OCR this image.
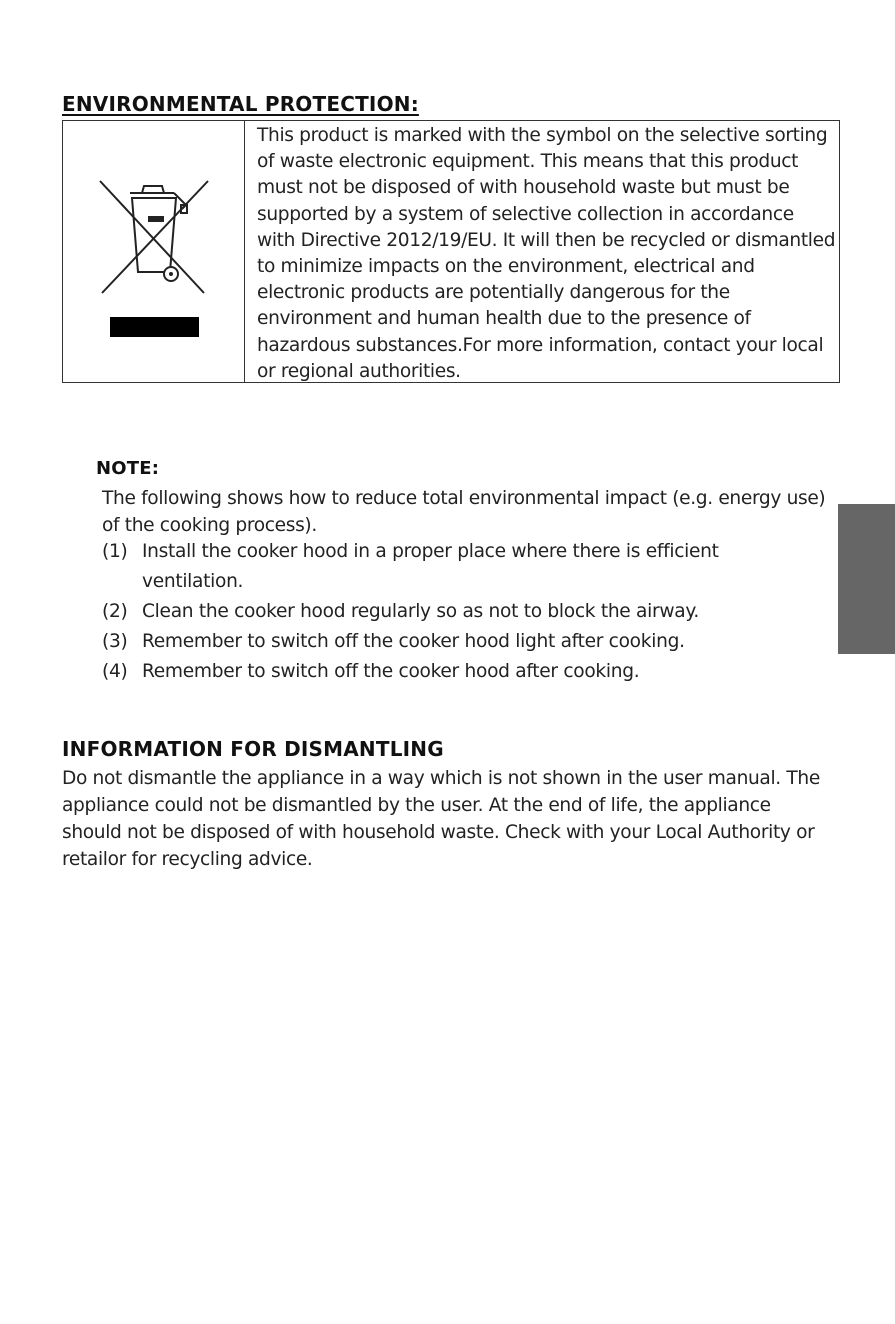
ENVIRONMENTAL PROTECTION:

This product is marked with the symbol on the selective sorting of waste electronic equipment. This means that this product must not be disposed of with household waste but must be supported by a system of selective collection in accordance with Directive 2012/19/EU. It will then be recycled or dismantled to minimize impacts on the environment, electrical and electronic products are potentially dangerous for the environment and human health due to the presence of hazardous substances.For more information, contact your local or regional authorities.

NOTE:

The following shows how to reduce total environmental impact (e.g. energy use) of the cooking process).

(1) Install the cooker hood in a proper place where there is efficient ventilation.
(2) Clean the cooker hood regularly so as not to block the airway.
(3) Remember to switch off the cooker hood light after cooking.
(4) Remember to switch off the cooker hood after cooking.
INFORMATION FOR DISMANTLING

Do not dismantle the appliance in a way which is not shown in the user manual. The appliance could not be dismantled by the user. At the end of life, the appliance should not be disposed of with household waste. Check with your Local Authority or retailor for recycling advice.
